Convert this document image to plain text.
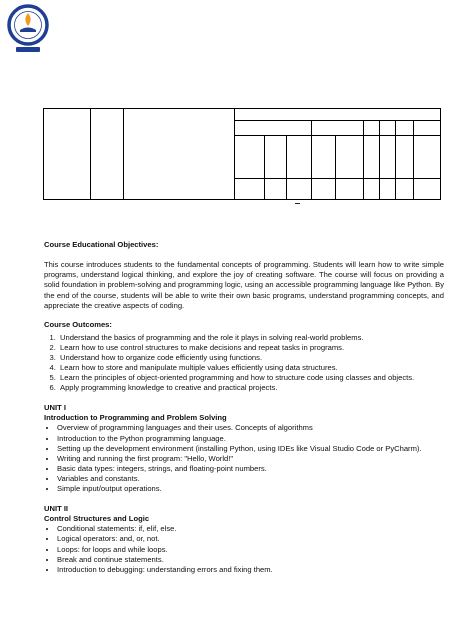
Course Educational Objectives:

This course introduces students to the fundamental concepts of programming. Students will learn how to write simple programs, understand logical thinking, and explore the joy of creating software. The course will focus on providing a solid foundation in problem-solving and programming logic, using an accessible programming language like Python. By the end of the course, students will be able to write their own basic programs, understand programming concepts, and appreciate the creative aspects of coding.

Course Outcomes:

1. Understand the basics of programming and the role it plays in solving real-world problems.
2. Learn how to use control structures to make decisions and repeat tasks in programs.
3. Understand how to organize code efficiently using functions.
4. Learn how to store and manipulate multiple values efficiently using data structures.
5. Learn the principles of object-oriented programming and how to structure code using classes and objects.
6. Apply programming knowledge to creative and practical projects.

UNIT I

Introduction to Programming and Problem Solving

• Overview of programming languages and their uses. Concepts of algorithms
• Introduction to the Python programming language.
• Setting up the development environment (installing Python, using IDEs like Visual Studio Code or PyCharm).
• Writing and running the first program: "Hello, World!"
• Basic data types: integers, strings, and floating-point numbers.
• Variables and constants.
• Simple input/output operations.

UNIT II

Control Structures and Logic

• Conditional statements: if, elif, else.
• Logical operators: and, or, not.
• Loops: for loops and while loops.
• Break and continue statements.
• Introduction to debugging: understanding errors and fixing them.
